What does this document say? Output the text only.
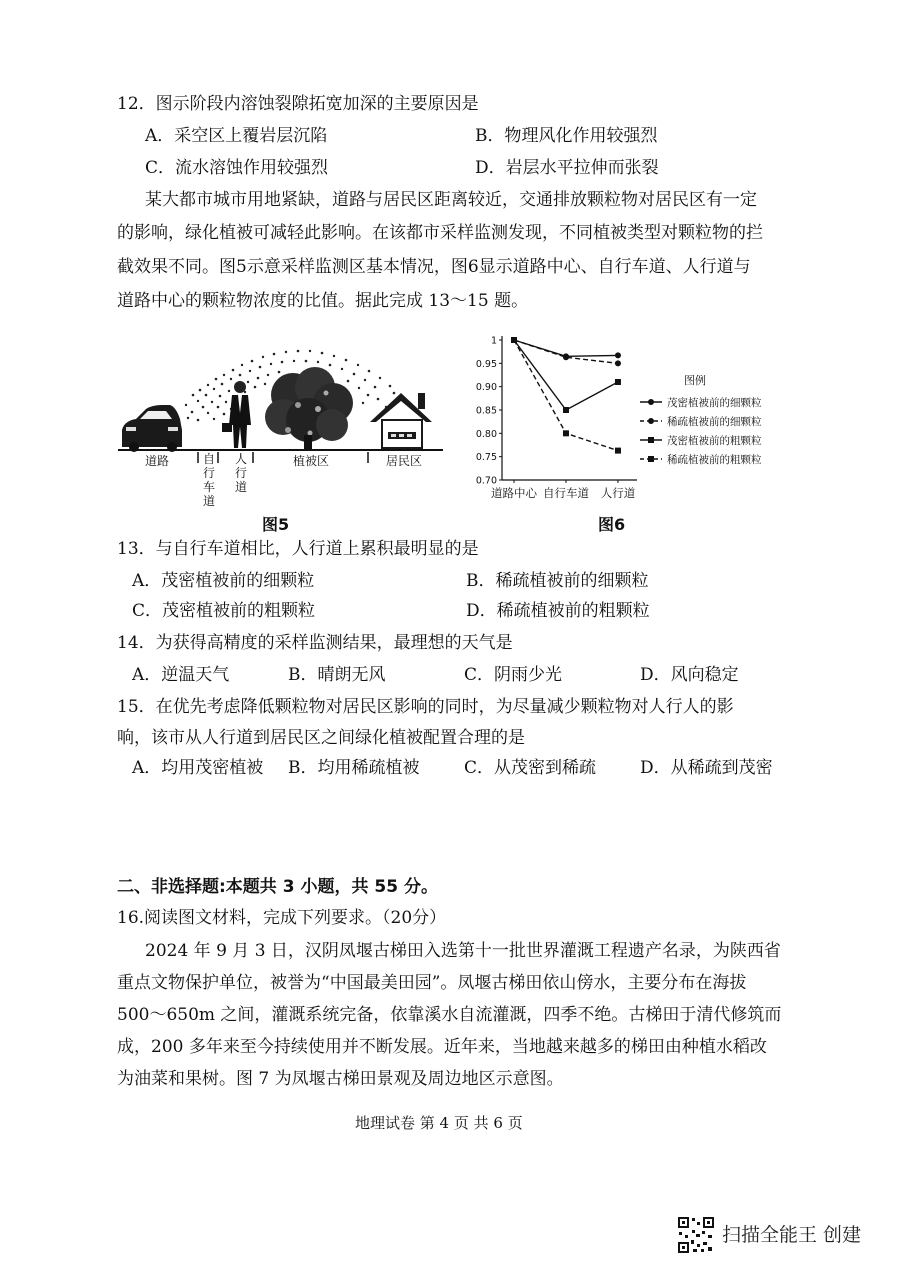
12．图示阶段内溶蚀裂隙拓宽加深的主要原因是
A．采空区上覆岩层沉陷	B．物理风化作用较强烈
C．流水溶蚀作用较强烈	D．岩层水平拉伸而张裂
某大都市城市用地紧缺，道路与居民区距离较近，交通排放颗粒物对居民区有一定
的影响，绿化植被可减轻此影响。在该都市采样监测发现，不同植被类型对颗粒物的拦
截效果不同。图5示意采样监测区基本情况，图6显示道路中心、自行车道、人行道与
道路中心的颗粒物浓度的比值。据此完成 13～15 题。
道路	自行车道
人行道
植被区	居民区
图5
1
0.95
0.90
0.85
0.80
0.75
0.70
道路中心 自行车道 人行道
图例
茂密植被前的细颗粒
稀疏植被前的细颗粒
茂密植被前的粗颗粒
稀疏植被前的粗颗粒
图6
13．与自行车道相比，人行道上累积最明显的是
A．茂密植被前的细颗粒	B．稀疏植被前的细颗粒
C．茂密植被前的粗颗粒	D．稀疏植被前的粗颗粒
14．为获得高精度的采样监测结果，最理想的天气是
A．逆温天气	B．晴朗无风	C．阴雨少光	D．风向稳定
15．在优先考虑降低颗粒物对居民区影响的同时，为尽量减少颗粒物对人行人的影
响，该市从人行道到居民区之间绿化植被配置合理的是
A．均用茂密植被 B．均用稀疏植被	C．从茂密到稀疏	D．从稀疏到茂密
二、非选择题:本题共 3 小题，共 55 分。
16.阅读图文材料，完成下列要求。（20分）
2024 年 9 月 3 日，汉阴凤堰古梯田入选第十一批世界灌溉工程遗产名录，为陕西省
重点文物保护单位，被誉为“中国最美田园”。凤堰古梯田依山傍水，主要分布在海拔
500～650m 之间，灌溉系统完备，依靠溪水自流灌溉，四季不绝。古梯田于清代修筑而
成，200 多年来至今持续使用并不断发展。近年来，当地越来越多的梯田由种植水稻改
为油菜和果树。图 7 为凤堰古梯田景观及周边地区示意图。
地理试卷 第 4 页 共 6 页
扫描全能王 创建
